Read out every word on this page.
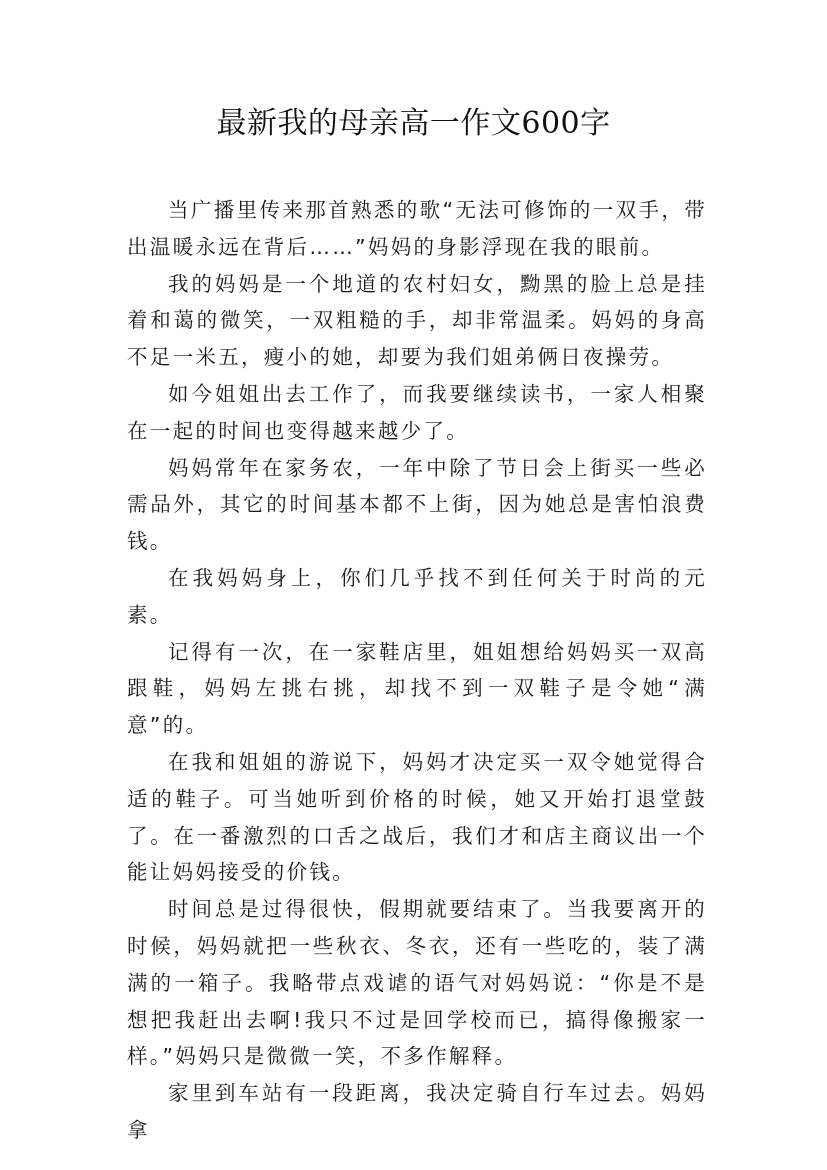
最新我的母亲高一作文600字

当广播里传来那首熟悉的歌“无法可修饰的一双手，带出温暖永远在背后……”妈妈的身影浮现在我的眼前。

我的妈妈是一个地道的农村妇女，黝黑的脸上总是挂着和蔼的微笑，一双粗糙的手，却非常温柔。妈妈的身高不足一米五，瘦小的她，却要为我们姐弟俩日夜操劳。

如今姐姐出去工作了，而我要继续读书，一家人相聚在一起的时间也变得越来越少了。

妈妈常年在家务农，一年中除了节日会上街买一些必需品外，其它的时间基本都不上街，因为她总是害怕浪费钱。

在我妈妈身上，你们几乎找不到任何关于时尚的元素。

记得有一次，在一家鞋店里，姐姐想给妈妈买一双高跟鞋，妈妈左挑右挑，却找不到一双鞋子是令她“满意”的。

在我和姐姐的游说下，妈妈才决定买一双令她觉得合适的鞋子。可当她听到价格的时候，她又开始打退堂鼓了。在一番激烈的口舌之战后，我们才和店主商议出一个能让妈妈接受的价钱。

时间总是过得很快，假期就要结束了。当我要离开的时候，妈妈就把一些秋衣、冬衣，还有一些吃的，装了满满的一箱子。我略带点戏谑的语气对妈妈说：“你是不是想把我赶出去啊!我只不过是回学校而已，搞得像搬家一样。”妈妈只是微微一笑，不多作解释。

家里到车站有一段距离，我决定骑自行车过去。妈妈拿
